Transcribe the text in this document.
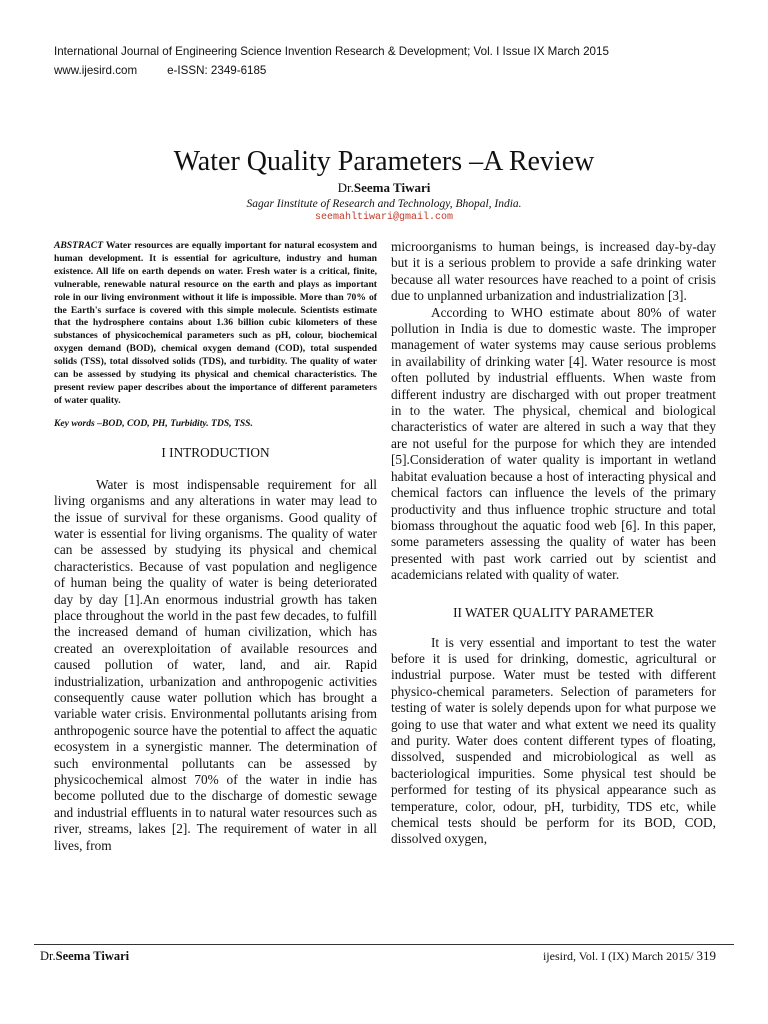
International Journal of Engineering Science Invention Research & Development; Vol. I Issue IX March 2015
www.ijesird.com	e-ISSN: 2349-6185
Water Quality Parameters –A Review
Dr.Seema Tiwari
Sagar Iinstitute of Research and Technology, Bhopal, India.
seemahltiwari@gmail.com

ABSTRACT Water resources are equally important for natural ecosystem and human development. It is essential for agriculture, industry and human existence. All life on earth depends on water. Fresh water is a critical, finite, vulnerable, renewable natural resource on the earth and plays as important role in our living environment without it life is impossible. More than 70% of the Earth's surface is covered with this simple molecule. Scientists estimate that the hydrosphere contains about 1.36 billion cubic kilometers of these substances of physicochemical parameters such as pH, colour, biochemical oxygen demand (BOD), chemical oxygen demand (COD), total suspended solids (TSS), total dissolved solids (TDS), and turbidity. The quality of water can be assessed by studying its physical and chemical characteristics. The present review paper describes about the importance of different parameters of water quality.

Key words –BOD, COD, PH, Turbidity. TDS, TSS.

I INTRODUCTION

Water is most indispensable requirement for all living organisms and any alterations in water may lead to the issue of survival for these organisms. Good quality of water is essential for living organisms. The quality of water can be assessed by studying its physical and chemical characteristics. Because of vast population and negligence of human being the quality of water is being deteriorated day by day [1].An enormous industrial growth has taken place throughout the world in the past few decades, to fulfill the increased demand of human civilization, which has created an overexploitation of available resources and caused pollution of water, land, and air. Rapid industrialization, urbanization and anthropogenic activities consequently cause water pollution which has brought a variable water crisis. Environmental pollutants arising from anthropogenic source have the potential to affect the aquatic ecosystem in a synergistic manner. The determination of such environmental pollutants can be assessed by physicochemical almost 70% of the water in indie has become polluted due to the discharge of domestic sewage and industrial effluents in to natural water resources such as river, streams, lakes [2]. The requirement of water in all lives, from

microorganisms to human beings, is increased day-by-day but it is a serious problem to provide a safe drinking water because all water resources have reached to a point of crisis due to unplanned urbanization and industrialization [3].

According to WHO estimate about 80% of water pollution in India is due to domestic waste. The improper management of water systems may cause serious problems in availability of drinking water [4]. Water resource is most often polluted by industrial effluents. When waste from different industry are discharged with out proper treatment in to the water. The physical, chemical and biological characteristics of water are altered in such a way that they are not useful for the purpose for which they are intended [5].Consideration of water quality is important in wetland habitat evaluation because a host of interacting physical and chemical factors can influence the levels of the primary productivity and thus influence trophic structure and total biomass throughout the aquatic food web [6]. In this paper, some parameters assessing the quality of water has been presented with past work carried out by scientist and academicians related with quality of water.

II WATER QUALITY PARAMETER

It is very essential and important to test the water before it is used for drinking, domestic, agricultural or industrial purpose. Water must be tested with different physico-chemical parameters. Selection of parameters for testing of water is solely depends upon for what purpose we going to use that water and what extent we need its quality and purity. Water does content different types of floating, dissolved, suspended and microbiological as well as bacteriological impurities. Some physical test should be performed for testing of its physical appearance such as temperature, color, odour, pH, turbidity, TDS etc, while chemical tests should be perform for its BOD, COD, dissolved oxygen,

Dr.Seema Tiwari	ijesird, Vol. I (IX) March 2015/ 319
